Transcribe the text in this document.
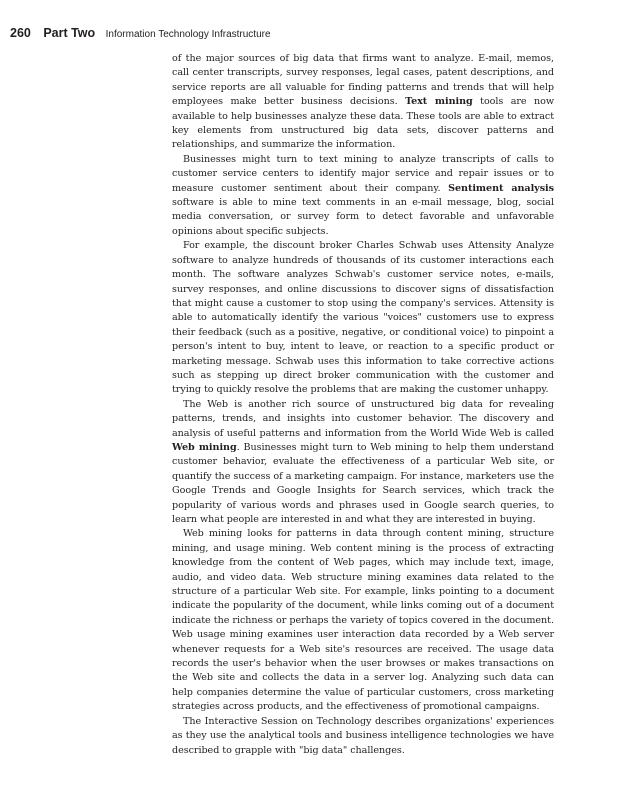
260 Part Two Information Technology Infrastructure

of the major sources of big data that firms want to analyze. E-mail, memos, call center transcripts, survey responses, legal cases, patent descriptions, and service reports are all valuable for finding patterns and trends that will help employees make better business decisions. Text mining tools are now available to help businesses analyze these data. These tools are able to extract key elements from unstructured big data sets, discover patterns and relationships, and summarize the information.

Businesses might turn to text mining to analyze transcripts of calls to customer service centers to identify major service and repair issues or to measure customer sentiment about their company. Sentiment analysis software is able to mine text comments in an e-mail message, blog, social media conversation, or survey form to detect favorable and unfavorable opinions about specific subjects.

For example, the discount broker Charles Schwab uses Attensity Analyze software to analyze hundreds of thousands of its customer interactions each month. The software analyzes Schwab's customer service notes, e-mails, survey responses, and online discussions to discover signs of dissatisfaction that might cause a customer to stop using the company's services. Attensity is able to automatically identify the various "voices" customers use to express their feedback (such as a positive, negative, or conditional voice) to pinpoint a person's intent to buy, intent to leave, or reaction to a specific product or marketing message. Schwab uses this information to take corrective actions such as stepping up direct broker communication with the customer and trying to quickly resolve the problems that are making the customer unhappy.

The Web is another rich source of unstructured big data for revealing patterns, trends, and insights into customer behavior. The discovery and analysis of useful patterns and information from the World Wide Web is called Web mining. Businesses might turn to Web mining to help them understand customer behavior, evaluate the effectiveness of a particular Web site, or quantify the success of a marketing campaign. For instance, marketers use the Google Trends and Google Insights for Search services, which track the popularity of various words and phrases used in Google search queries, to learn what people are interested in and what they are interested in buying.

Web mining looks for patterns in data through content mining, structure mining, and usage mining. Web content mining is the process of extracting knowledge from the content of Web pages, which may include text, image, audio, and video data. Web structure mining examines data related to the structure of a particular Web site. For example, links pointing to a document indicate the popularity of the document, while links coming out of a document indicate the richness or perhaps the variety of topics covered in the document. Web usage mining examines user interaction data recorded by a Web server whenever requests for a Web site's resources are received. The usage data records the user's behavior when the user browses or makes transactions on the Web site and collects the data in a server log. Analyzing such data can help companies determine the value of particular customers, cross marketing strategies across products, and the effectiveness of promotional campaigns.

The Interactive Session on Technology describes organizations' experiences as they use the analytical tools and business intelligence technologies we have described to grapple with "big data" challenges.
